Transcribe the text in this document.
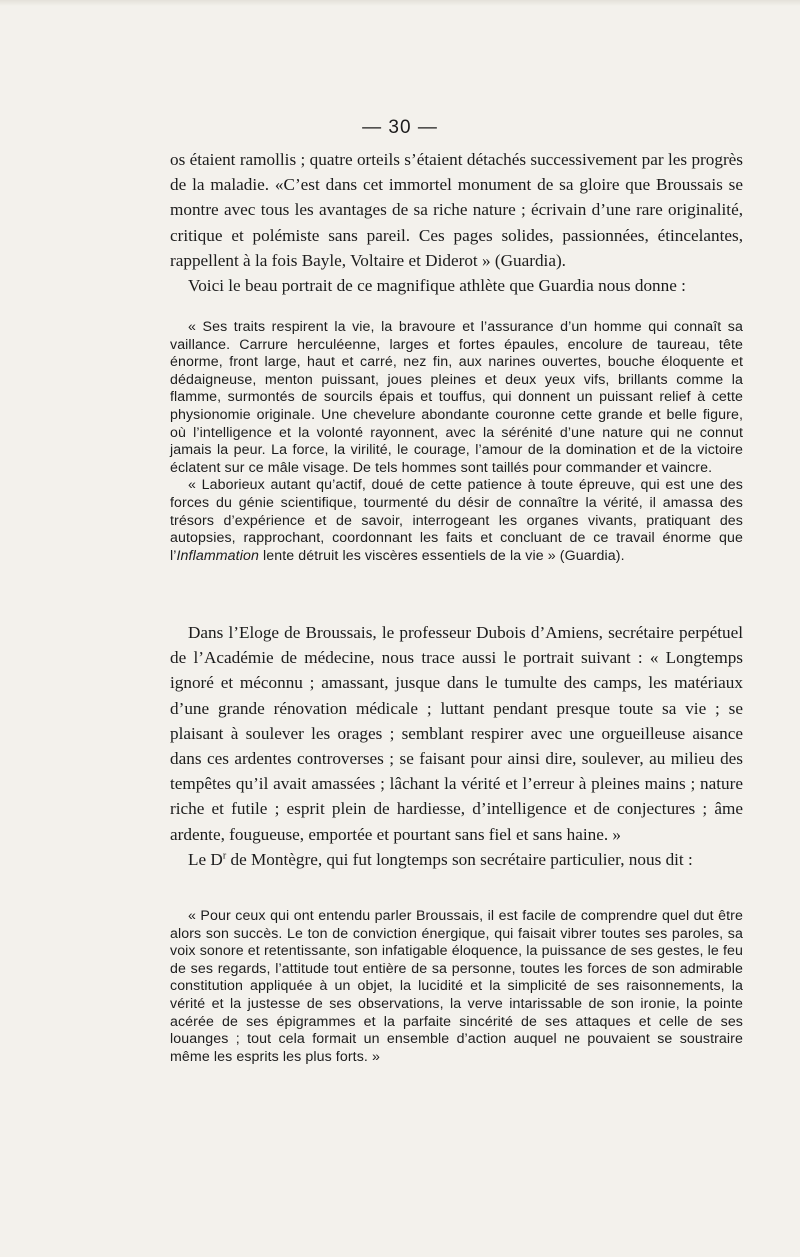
— 30 —

os étaient ramollis ; quatre orteils s’étaient détachés successivement par les progrès de la maladie. «C’est dans cet immortel monument de sa gloire que Broussais se montre avec tous les avantages de sa riche nature ; écrivain d’une rare originalité, critique et polémiste sans pareil. Ces pages solides, passionnées, étincelantes, rappellent à la fois Bayle, Voltaire et Diderot » (Guardia).

Voici le beau portrait de ce magnifique athlète que Guardia nous donne :

« Ses traits respirent la vie, la bravoure et l’assurance d’un homme qui connaît sa vaillance. Carrure herculéenne, larges et fortes épaules, encolure de taureau, tête énorme, front large, haut et carré, nez fin, aux narines ouvertes, bouche éloquente et dédaigneuse, menton puissant, joues pleines et deux yeux vifs, brillants comme la flamme, surmontés de sourcils épais et touffus, qui donnent un puissant relief à cette physionomie originale. Une chevelure abondante couronne cette grande et belle figure, où l’intelligence et la volonté rayonnent, avec la sérénité d’une nature qui ne connut jamais la peur. La force, la virilité, le courage, l’amour de la domination et de la victoire éclatent sur ce mâle visage. De tels hommes sont taillés pour commander et vaincre.

« Laborieux autant qu’actif, doué de cette patience à toute épreuve, qui est une des forces du génie scientifique, tourmenté du désir de connaître la vérité, il amassa des trésors d’expérience et de savoir, interrogeant les organes vivants, pratiquant des autopsies, rapprochant, coordonnant les faits et concluant de ce travail énorme que l’Inflammation lente détruit les viscères essentiels de la vie » (Guardia).

Dans l’Eloge de Broussais, le professeur Dubois d’Amiens, secrétaire perpétuel de l’Académie de médecine, nous trace aussi le portrait suivant : « Longtemps ignoré et méconnu ; amassant, jusque dans le tumulte des camps, les matériaux d’une grande rénovation médicale ; luttant pendant presque toute sa vie ; se plaisant à soulever les orages ; semblant respirer avec une orgueilleuse aisance dans ces ardentes controverses ; se faisant pour ainsi dire, soulever, au milieu des tempêtes qu’il avait amassées ; lâchant la vérité et l’erreur à pleines mains ; nature riche et futile ; esprit plein de hardiesse, d’intelligence et de conjectures ; âme ardente, fougueuse, emportée et pourtant sans fiel et sans haine. »

Le $D^r$ de Montègre, qui fut longtemps son secrétaire particulier, nous dit :

« Pour ceux qui ont entendu parler Broussais, il est facile de comprendre quel dut être alors son succès. Le ton de conviction énergique, qui faisait vibrer toutes ses paroles, sa voix sonore et retentissante, son infatigable éloquence, la puissance de ses gestes, le feu de ses regards, l’attitude tout entière de sa personne, toutes les forces de son admirable constitution appliquée à un objet, la lucidité et la simplicité de ses raisonnements, la vérité et la justesse de ses observations, la verve intarissable de son ironie, la pointe acérée de ses épigrammes et la parfaite sincérité de ses attaques et celle de ses louanges ; tout cela formait un ensemble d’action auquel ne pouvaient se soustraire même les esprits les plus forts. »
